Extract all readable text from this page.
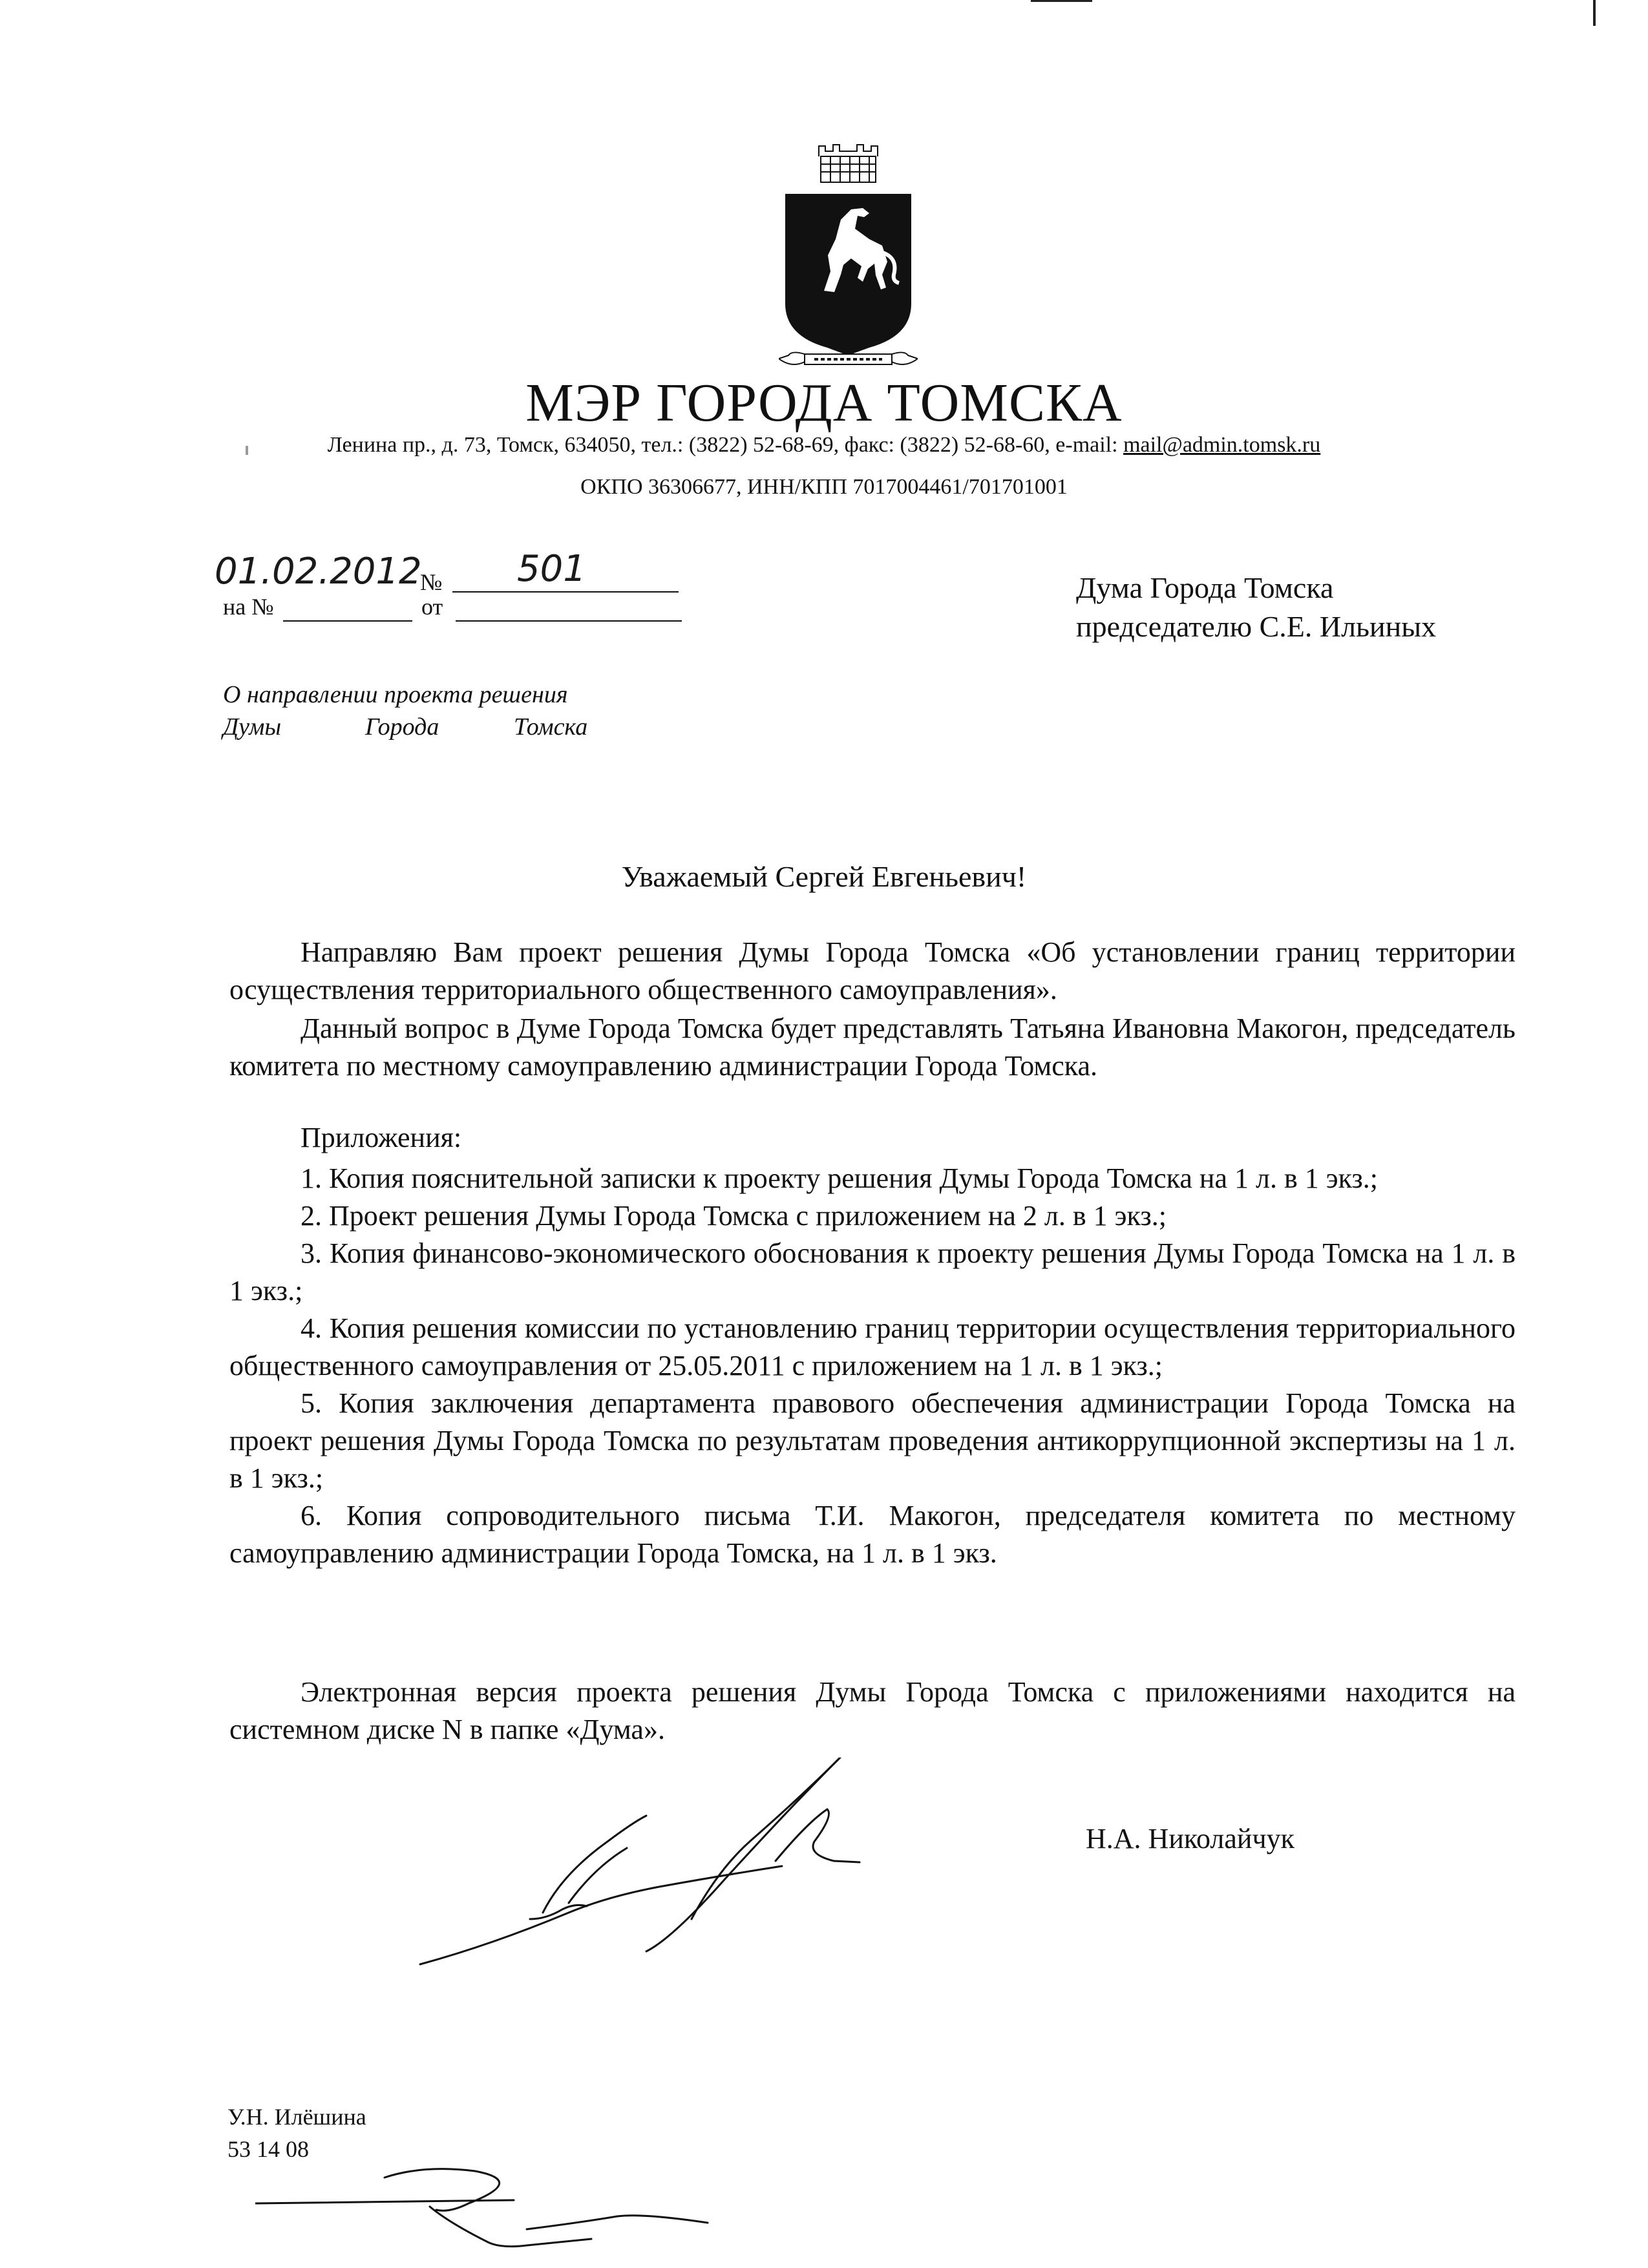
МЭР ГОРОДА ТОМСКА
Ленина пр., д. 73, Томск, 634050, тел.: (3822) 52-68-69, факс: (3822) 52-68-60, e-mail: mail@admin.tomsk.ru
ОКПО 36306677, ИНН/КПП 7017004461/701701001
01.02.2012
№ 501
на №	от
Дума Города Томска
председателю С.Е. Ильиных
О направлении проекта решения
Думы	Города	Томска
Уважаемый Сергей Евгеньевич!
Направляю Вам проект решения Думы Города Томска «Об установлении границ территории осуществления территориального общественного самоуправления».
Данный вопрос в Думе Города Томска будет представлять Татьяна Ивановна Макогон, председатель комитета по местному самоуправлению администрации Города Томска.
Приложения:
1. Копия пояснительной записки к проекту решения Думы Города Томска на 1 л. в 1 экз.;
2. Проект решения Думы Города Томска с приложением на 2 л. в 1 экз.;
3. Копия финансово-экономического обоснования к проекту решения Думы Города Томска на 1 л. в 1 экз.;
4. Копия решения комиссии по установлению границ территории осуществления территориального общественного самоуправления от 25.05.2011 с приложением на 1 л. в 1 экз.;
5. Копия заключения департамента правового обеспечения администрации Города Томска на проект решения Думы Города Томска по результатам проведения антикоррупционной экспертизы на 1 л. в 1 экз.;
6. Копия сопроводительного письма Т.И. Макогон, председателя комитета по местному самоуправлению администрации Города Томска, на 1 л. в 1 экз.
Электронная версия проекта решения Думы Города Томска с приложениями находится на системном диске N в папке «Дума».
Н.А. Николайчук
У.Н. Илёшина
53 14 08
